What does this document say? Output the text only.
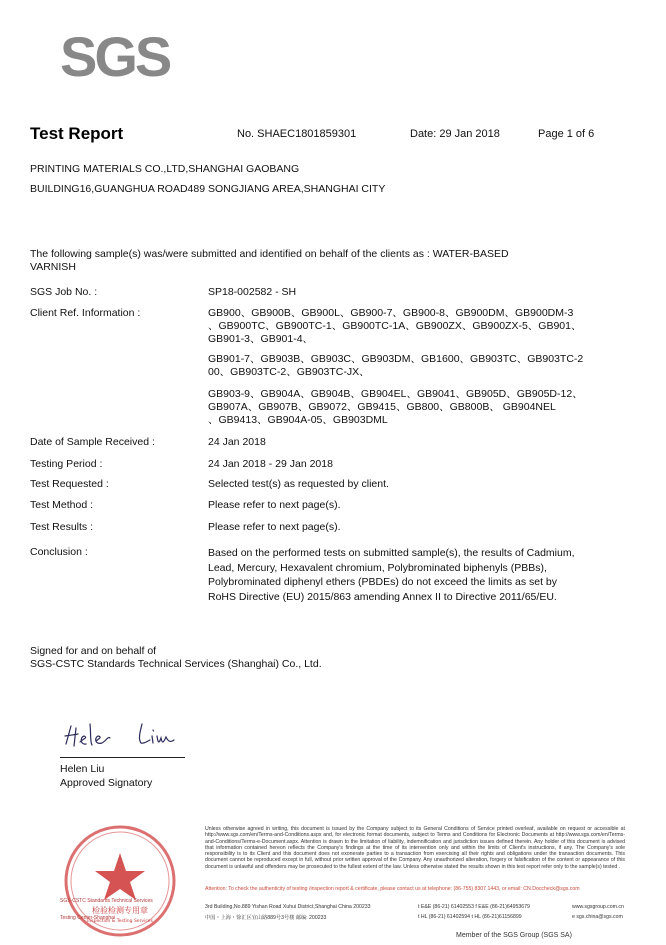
SGS
Test Report	No. SHAEC1801859301	Date: 29 Jan 2018	Page 1 of 6
PRINTING MATERIALS CO.,LTD,SHANGHAI GAOBANG
BUILDING16,GUANGHUA ROAD489 SONGJIANG AREA,SHANGHAI CITY
The following sample(s) was/were submitted and identified on behalf of the clients as : WATER-BASED
VARNISH
SGS Job No. :	SP18-002582 - SH
Client Ref. Information :	GB900、GB900B、GB900L、GB900-7、GB900-8、GB900DM、GB900DM-3
、GB900TC、GB900TC-1、GB900TC-1A、GB900ZX、GB900ZX-5、GB901、
GB901-3、GB901-4、
GB901-7、GB903B、GB903C、GB903DM、GB1600、GB903TC、GB903TC-2
00、GB903TC-2、GB903TC-JX、
GB903-9、GB904A、GB904B、GB904EL、GB9041、GB905D、GB905D-12、
GB907A、GB907B、GB9072、GB9415、GB800、GB800B、 GB904NEL
、GB9413、GB904A-05、GB903DML
Date of Sample Received :	24 Jan 2018
Testing Period :	24 Jan 2018 - 29 Jan 2018
Test Requested :	Selected test(s) as requested by client.
Test Method :	Please refer to next page(s).
Test Results :	Please refer to next page(s).
Conclusion :	Based on the performed tests on submitted sample(s), the results of Cadmium,
Lead, Mercury, Hexavalent chromium, Polybrominated biphenyls (PBBs),
Polybrominated diphenyl ethers (PBDEs) do not exceed the limits as set by
RoHS Directive (EU) 2015/863 amending Annex II to Directive 2011/65/EU.
Signed for and on behalf of
SGS-CSTC Standards Technical Services (Shanghai) Co., Ltd.
Helen Liu
Approved Signatory
检验检测专用章
Inspection & Testing Services
SGS-CSTC Standards Technical Services
Testing Center-Shanghai
Unless otherwise agreed in writing, this document is issued by the Company subject to its General Conditions of Service printed overleaf, available on request or accessible at http://www.sgs.com/en/Terms-and-Conditions.aspx and, for electronic format documents, subject to Terms and Conditions for Electronic Documents at http://www.sgs.com/en/Terms-and-Conditions/Terms-e-Document.aspx. Attention is drawn to the limitation of liability, indemnification and jurisdiction issues defined therein. Any holder of this document is advised that information contained hereon reflects the Company's findings at the time of its intervention only and within the limits of Client's instructions, if any. The Company's sole responsibility is to its Client and this document does not exonerate parties to a transaction from exercising all their rights and obligations under the transaction documents. This document cannot be reproduced except in full, without prior written approval of the Company. Any unauthorized alteration, forgery or falsification of the content or appearance of this document is unlawful and offenders may be prosecuted to the fullest extent of the law. Unless otherwise stated the results shown in this test report refer only to the sample(s) tested .
Attention: To check the authenticity of testing /inspection report & certificate, please contact us at telephone: (86-755) 8307 1443, or email: CN.Doccheck@sgs.com
3rd Building,No.889 Yishan Road Xuhui District,Shanghai China 200233
中国・上海・徐汇区宜山路889号3号楼 邮编: 200233
t E&E (86-21) 61402553 f E&E (86-21)64953679
t HL (86-21) 61402594 t HL (86-21)61156899
www.sgsgroup.com.cn
e sgs.china@sgs.com
Member of the SGS Group (SGS SA)
